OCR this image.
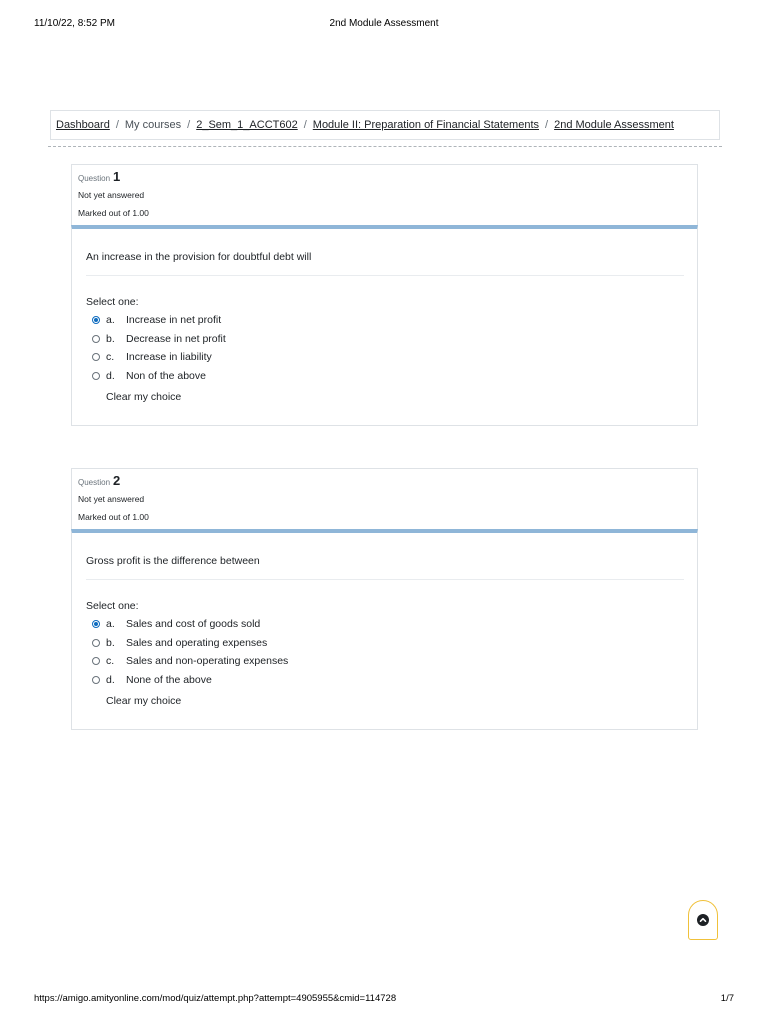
11/10/22, 8:52 PM	2nd Module Assessment
Dashboard / My courses / 2_Sem_1_ACCT602 / Module II: Preparation of Financial Statements / 2nd Module Assessment
Question 1
Not yet answered
Marked out of 1.00
An increase in the provision for doubtful debt will
Select one:
a.	Increase in net profit
b.	Decrease in net profit
c.	Increase in liability
d.	Non of the above
Clear my choice
Question 2
Not yet answered
Marked out of 1.00
Gross profit is the difference between
Select one:
a.	Sales and cost of goods sold
b.	Sales and operating expenses
c.	Sales and non-operating expenses
d.	None of the above
Clear my choice
https://amigo.amityonline.com/mod/quiz/attempt.php?attempt=4905955&cmid=114728	1/7
